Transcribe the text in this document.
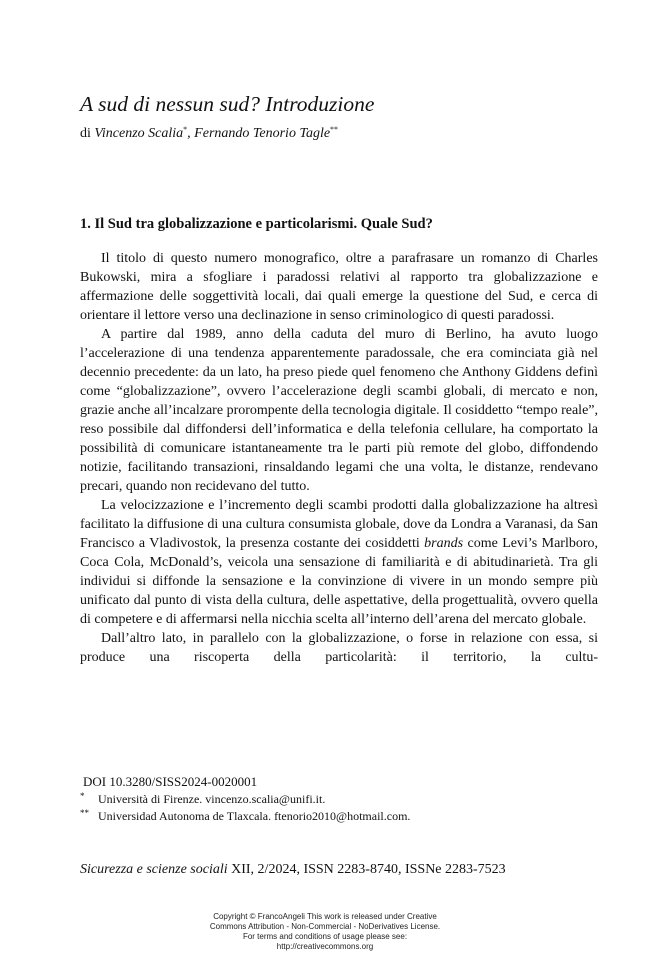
A sud di nessun sud? Introduzione
di Vincenzo Scalia*, Fernando Tenorio Tagle**
1. Il Sud tra globalizzazione e particolarismi. Quale Sud?

Il titolo di questo numero monografico, oltre a parafrasare un romanzo di Charles Bukowski, mira a sfogliare i paradossi relativi al rapporto tra globalizzazione e affermazione delle soggettività locali, dai quali emerge la questione del Sud, e cerca di orientare il lettore verso una declinazione in senso criminologico di questi paradossi.

A partire dal 1989, anno della caduta del muro di Berlino, ha avuto luogo l’accelerazione di una tendenza apparentemente paradossale, che era cominciata già nel decennio precedente: da un lato, ha preso piede quel fenomeno che Anthony Giddens definì come “globalizzazione”, ovvero l’accelerazione degli scambi globali, di mercato e non, grazie anche all’incalzare prorompente della tecnologia digitale. Il cosiddetto “tempo reale”, reso possibile dal diffondersi dell’informatica e della telefonia cellulare, ha comportato la possibilità di comunicare istantaneamente tra le parti più remote del globo, diffondendo notizie, facilitando transazioni, rinsaldando legami che una volta, le distanze, rendevano precari, quando non recidevano del tutto.

La velocizzazione e l’incremento degli scambi prodotti dalla globalizzazione ha altresì facilitato la diffusione di una cultura consumista globale, dove da Londra a Varanasi, da San Francisco a Vladivostok, la presenza costante dei cosiddetti brands come Levi’s Marlboro, Coca Cola, McDonald’s, veicola una sensazione di familiarità e di abitudinarietà. Tra gli individui si diffonde la sensazione e la convinzione di vivere in un mondo sempre più unificato dal punto di vista della cultura, delle aspettative, della progettualità, ovvero quella di competere e di affermarsi nella nicchia scelta all’interno dell’arena del mercato globale.

Dall’altro lato, in parallelo con la globalizzazione, o forse in relazione con essa, si produce una riscoperta della particolarità: il territorio, la cultu-

DOI 10.3280/SISS2024-0020001
* Università di Firenze. vincenzo.scalia@unifi.it.
** Universidad Autonoma de Tlaxcala. ftenorio2010@hotmail.com.
Sicurezza e scienze sociali XII, 2/2024, ISSN 2283-8740, ISSNe 2283-7523
Copyright © FrancoAngeli This work is released under Creative
Commons Attribution - Non-Commercial - NoDerivatives License.
For terms and conditions of usage please see:
http://creativecommons.org
